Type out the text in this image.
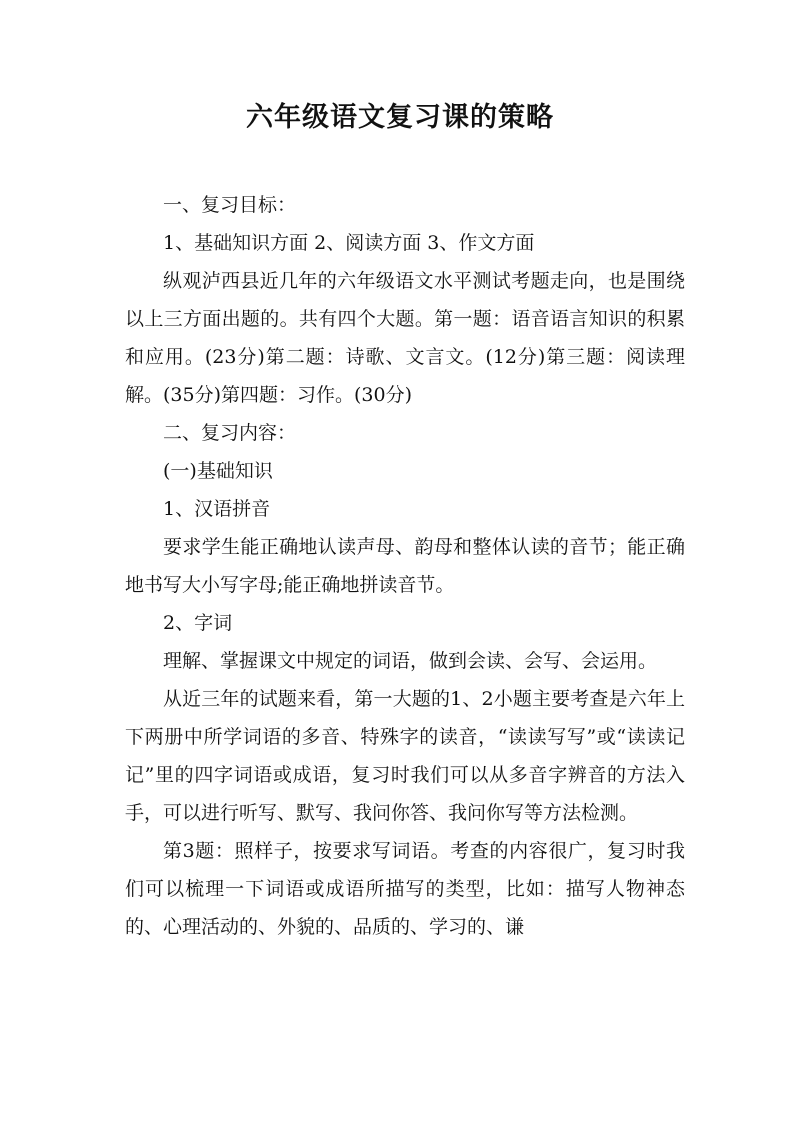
六年级语文复习课的策略

一、复习目标：

1、基础知识方面 2、阅读方面 3、作文方面

纵观泸西县近几年的六年级语文水平测试考题走向，也是围绕以上三方面出题的。共有四个大题。第一题：语音语言知识的积累和应用。(23分)第二题：诗歌、文言文。(12分)第三题：阅读理解。(35分)第四题：习作。(30分)

二、复习内容：

(一)基础知识

1、汉语拼音

要求学生能正确地认读声母、韵母和整体认读的音节；能正确地书写大小写字母;能正确地拼读音节。

2、字词

理解、掌握课文中规定的词语，做到会读、会写、会运用。

从近三年的试题来看，第一大题的1、2小题主要考查是六年上下两册中所学词语的多音、特殊字的读音，“读读写写”或“读读记记”里的四字词语或成语，复习时我们可以从多音字辨音的方法入手，可以进行听写、默写、我问你答、我问你写等方法检测。

第3题：照样子，按要求写词语。考查的内容很广，复习时我们可以梳理一下词语或成语所描写的类型，比如：描写人物神态的、心理活动的、外貌的、品质的、学习的、谦
